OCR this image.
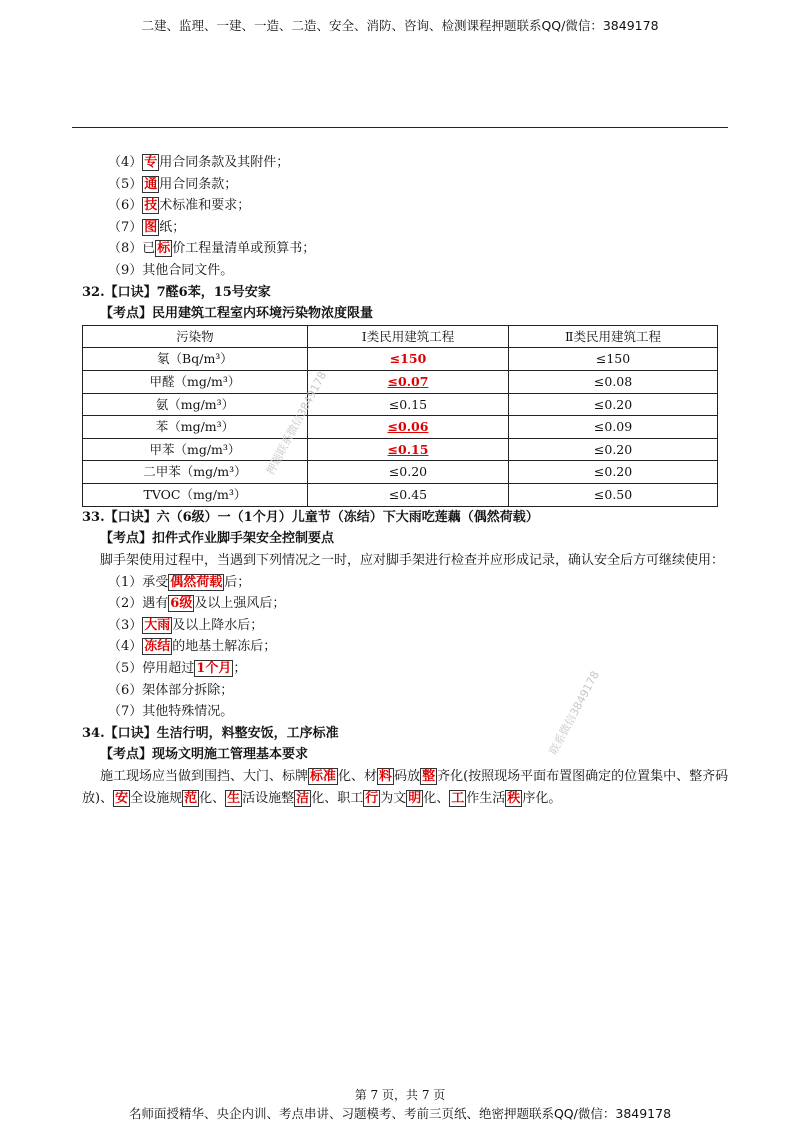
二建、监理、一建、一造、二造、安全、消防、咨询、检测课程押题联系QQ/微信：3849178
（4） 专 用合同条款及其附件；
（5） 通 用合同条款；
（6） 技 术标准和要求；
（7） 图 纸；
（8）已 标 价工程量清单或预算书；
（9）其他合同文件。
32.【口诀】7醛6苯，15号安家
【考点】民用建筑工程室内环境污染物浓度限量
污染物	Ⅰ类民用建筑工程	Ⅱ类民用建筑工程
氡（Bq/m³）	≤150	≤150
甲醛（mg/m³）	≤0.07	≤0.08
氨（mg/m³）	≤0.15	≤0.20
苯（mg/m³）	≤0.06	≤0.09
甲苯（mg/m³）	≤0.15	≤0.20
二甲苯（mg/m³）	≤0.20	≤0.20
TVOC（mg/m³）	≤0.45	≤0.50
33.【口诀】六（6级）一（1个月）儿童节（冻结）下大雨吃莲藕（偶然荷载）
【考点】扣件式作业脚手架安全控制要点
脚手架使用过程中，当遇到下列情况之一时，应对脚手架进行检查并应形成记录，确认安全后方可继续使用：
（1）承受 偶然荷载 后；
（2）遇有 6级 及以上强风后；
（3） 大雨 及以上降水后；
（4） 冻结 的地基土解冻后；
（5）停用超过 1个月 ；
（6）架体部分拆除；
（7）其他特殊情况。
34.【口诀】生洁行明，料整安饭，工序标准
【考点】现场文明施工管理基本要求
施工现场应当做到围挡、大门、标牌 标准 化、材 料 码放 整 齐化(按照现场平面布置图确定的位置集中、整齐码放)、 安 全设施规 范 化、 生 活设施整 洁 化、职工 行 为文 明 化、 工 作生活 秩 序化。
押题联系微信3849178
联系微信3849178
第 7 页，共 7 页
名师面授精华、央企内训、考点串讲、习题模考、考前三页纸、绝密押题联系QQ/微信：3849178
